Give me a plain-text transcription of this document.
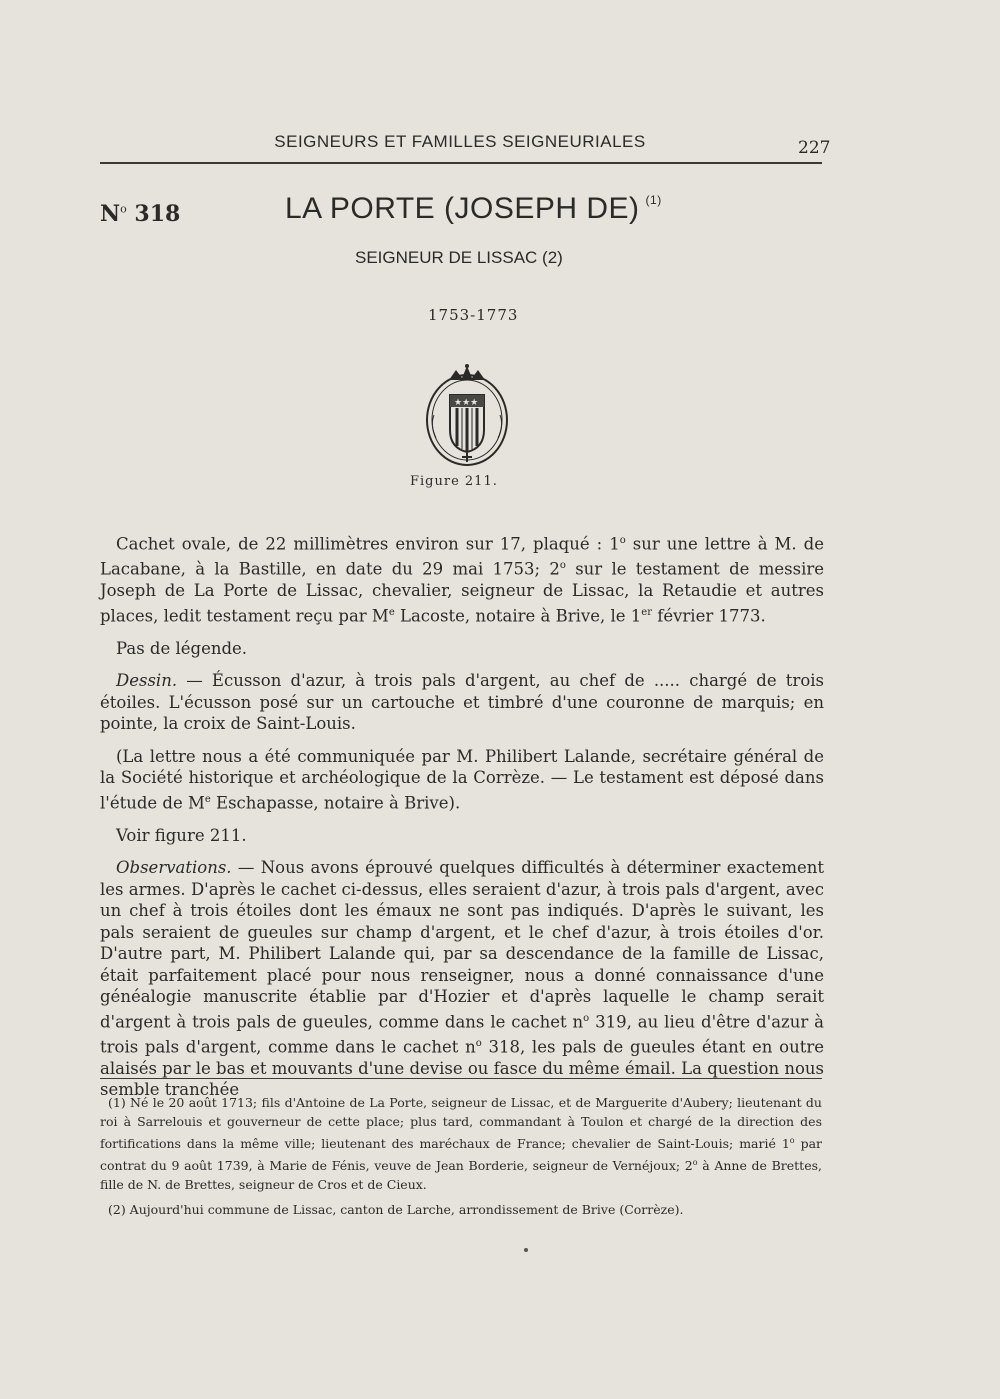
SEIGNEURS ET FAMILLES SEIGNEURIALES	227
$N^o$ 318	LA PORTE (JOSEPH DE) $^{(1)}$
SEIGNEUR DE LISSAC (2)
1753-1773
★★★
Figure 211.

Cachet ovale, de 22 millimètres environ sur 17, plaqué : 1$^o$ sur une lettre à M. de Lacabane, à la Bastille, en date du 29 mai 1753; 2$^o$ sur le testament de messire Joseph de La Porte de Lissac, chevalier, seigneur de Lissac, la Retaudie et autres places, ledit testament reçu par Me Lacoste, notaire à Brive, le 1er février 1773.

Pas de légende.

Dessin. — Écusson d'azur, à trois pals d'argent, au chef de ..... chargé de trois étoiles. L'écusson posé sur un cartouche et timbré d'une couronne de marquis; en pointe, la croix de Saint-Louis.

(La lettre nous a été communiquée par M. Philibert Lalande, secrétaire général de la Société historique et archéologique de la Corrèze. — Le testament est déposé dans l'étude de Me Eschapasse, notaire à Brive).

Voir figure 211.

Observations. — Nous avons éprouvé quelques difficultés à déterminer exactement les armes. D'après le cachet ci-dessus, elles seraient d'azur, à trois pals d'argent, avec un chef à trois étoiles dont les émaux ne sont pas indiqués. D'après le suivant, les pals seraient de gueules sur champ d'argent, et le chef d'azur, à trois étoiles d'or. D'autre part, M. Philibert Lalande qui, par sa descendance de la famille de Lissac, était parfaitement placé pour nous renseigner, nous a donné connaissance d'une généalogie manuscrite établie par d'Hozier et d'après laquelle le champ serait d'argent à trois pals de gueules, comme dans le cachet $n^o$ 319, au lieu d'être d'azur à trois pals d'argent, comme dans le cachet $n^o$ 318, les pals de gueules étant en outre alaisés par le bas et mouvants d'une devise ou fasce du même émail. La question nous semble tranchée

(1) Né le 20 août 1713; fils d'Antoine de La Porte, seigneur de Lissac, et de Marguerite d'Aubery; lieutenant du roi à Sarrelouis et gouverneur de cette place; plus tard, commandant à Toulon et chargé de la direction des fortifications dans la même ville; lieutenant des maréchaux de France; chevalier de Saint-Louis; marié 1$^o$ par contrat du 9 août 1739, à Marie de Fénis, veuve de Jean Borderie, seigneur de Vernéjoux; 2$^o$ à Anne de Brettes, fille de N. de Brettes, seigneur de Cros et de Cieux.

(2) Aujourd'hui commune de Lissac, canton de Larche, arrondissement de Brive (Corrèze).
